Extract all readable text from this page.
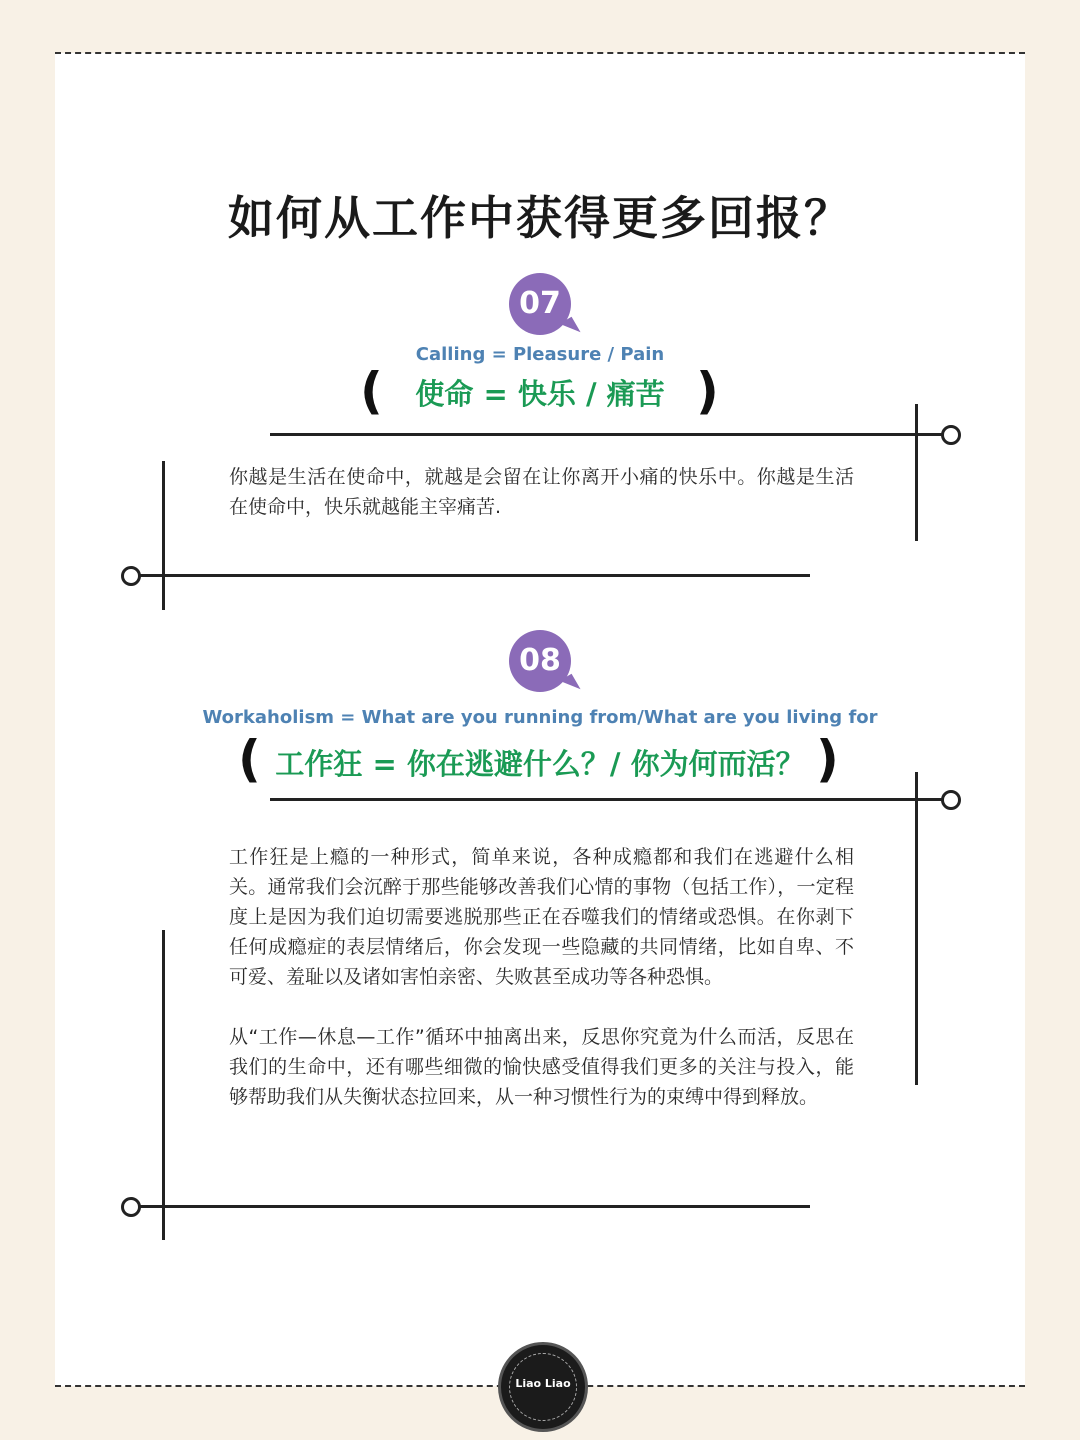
如何从工作中获得更多回报？
07
Calling = Pleasure / Pain
(	使命 = 快乐 / 痛苦 )
你越是生活在使命中，就越是会留在让你离开小痛的快乐中。你越是生活在使命中，快乐就越能主宰痛苦.
08
Workaholism = What are you running from/What are you living for
( 工作狂 = 你在逃避什么？/ 你为何而活？ )
工作狂是上瘾的一种形式，简单来说，各种成瘾都和我们在逃避什么相关。通常我们会沉醉于那些能够改善我们心情的事物（包括工作），一定程度上是因为我们迫切需要逃脱那些正在吞噬我们的情绪或恐惧。在你剥下任何成瘾症的表层情绪后，你会发现一些隐藏的共同情绪，比如自卑、不可爱、羞耻以及诸如害怕亲密、失败甚至成功等各种恐惧。
从“工作—休息—工作”循环中抽离出来，反思你究竟为什么而活，反思在我们的生命中，还有哪些细微的愉快感受值得我们更多的关注与投入，能够帮助我们从失衡状态拉回来，从一种习惯性行为的束缚中得到释放。
Liao Liao
